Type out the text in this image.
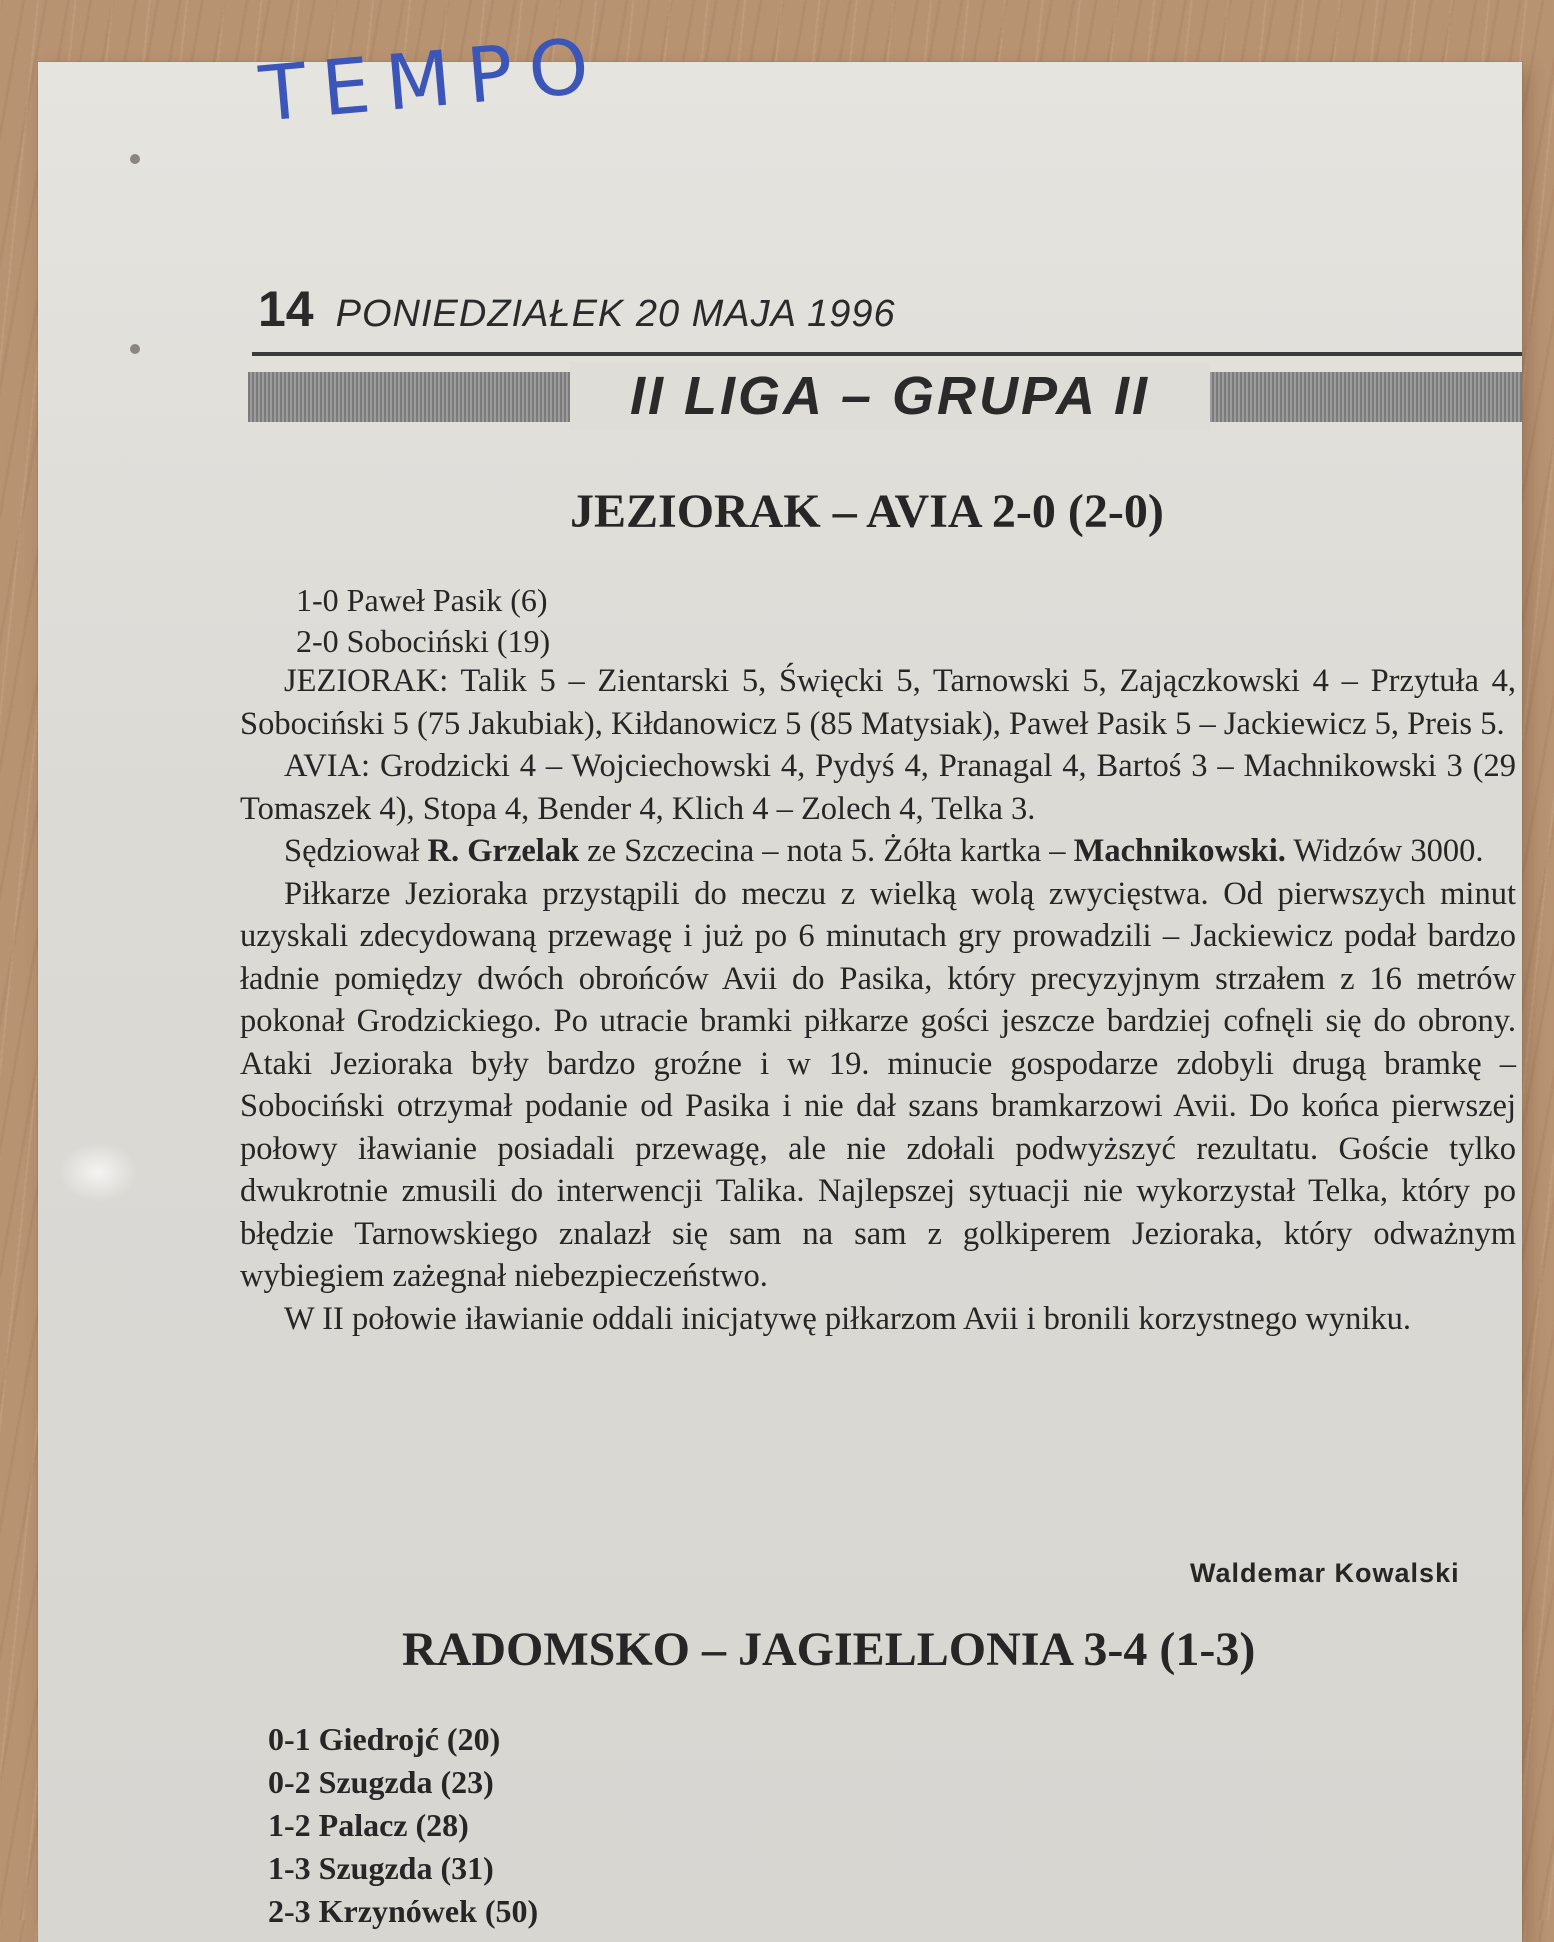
TEMPO
14 PONIEDZIAŁEK 20 MAJA 1996
II LIGA – GRUPA II
JEZIORAK – AVIA 2-0 (2-0)
1-0 Paweł Pasik (6)
2-0 Sobociński (19)

JEZIORAK: Talik 5 – Zientarski 5, Święcki 5, Tarnowski 5, Zajączkowski 4 – Przytuła 4, Sobociński 5 (75 Jakubiak), Kiłdanowicz 5 (85 Matysiak), Paweł Pasik 5 – Jackiewicz 5, Preis 5.

AVIA: Grodzicki 4 – Wojciechowski 4, Pydyś 4, Pranagal 4, Bartoś 3 – Machnikowski 3 (29 Tomaszek 4), Stopa 4, Bender 4, Klich 4 – Zolech 4, Telka 3.

Sędziował R. Grzelak ze Szczecina – nota 5. Żółta kartka – Machnikowski. Widzów 3000.

Piłkarze Jezioraka przystąpili do meczu z wielką wolą zwycięstwa. Od pierwszych minut uzyskali zdecydowaną przewagę i już po 6 minutach gry prowadzili – Jackiewicz podał bardzo ładnie pomiędzy dwóch obrońców Avii do Pasika, który precyzyjnym strzałem z 16 metrów pokonał Grodzickiego. Po utracie bramki piłkarze gości jeszcze bardziej cofnęli się do obrony. Ataki Jezioraka były bardzo groźne i w 19. minucie gospodarze zdobyli drugą bramkę – Sobociński otrzymał podanie od Pasika i nie dał szans bramkarzowi Avii. Do końca pierwszej połowy iławianie posiadali przewagę, ale nie zdołali podwyższyć rezultatu. Goście tylko dwukrotnie zmusili do interwencji Talika. Najlepszej sytuacji nie wykorzystał Telka, który po błędzie Tarnowskiego znalazł się sam na sam z golkiperem Jezioraka, który odważnym wybiegiem zażegnał niebezpieczeństwo.

W II połowie iławianie oddali inicjatywę piłkarzom Avii i bronili korzystnego wyniku.

Waldemar Kowalski
RADOMSKO – JAGIELLONIA 3-4 (1-3)
0-1 Giedrojć (20)
0-2 Szugzda (23)
1-2 Palacz (28)
1-3 Szugzda (31)
2-3 Krzynówek (50)
